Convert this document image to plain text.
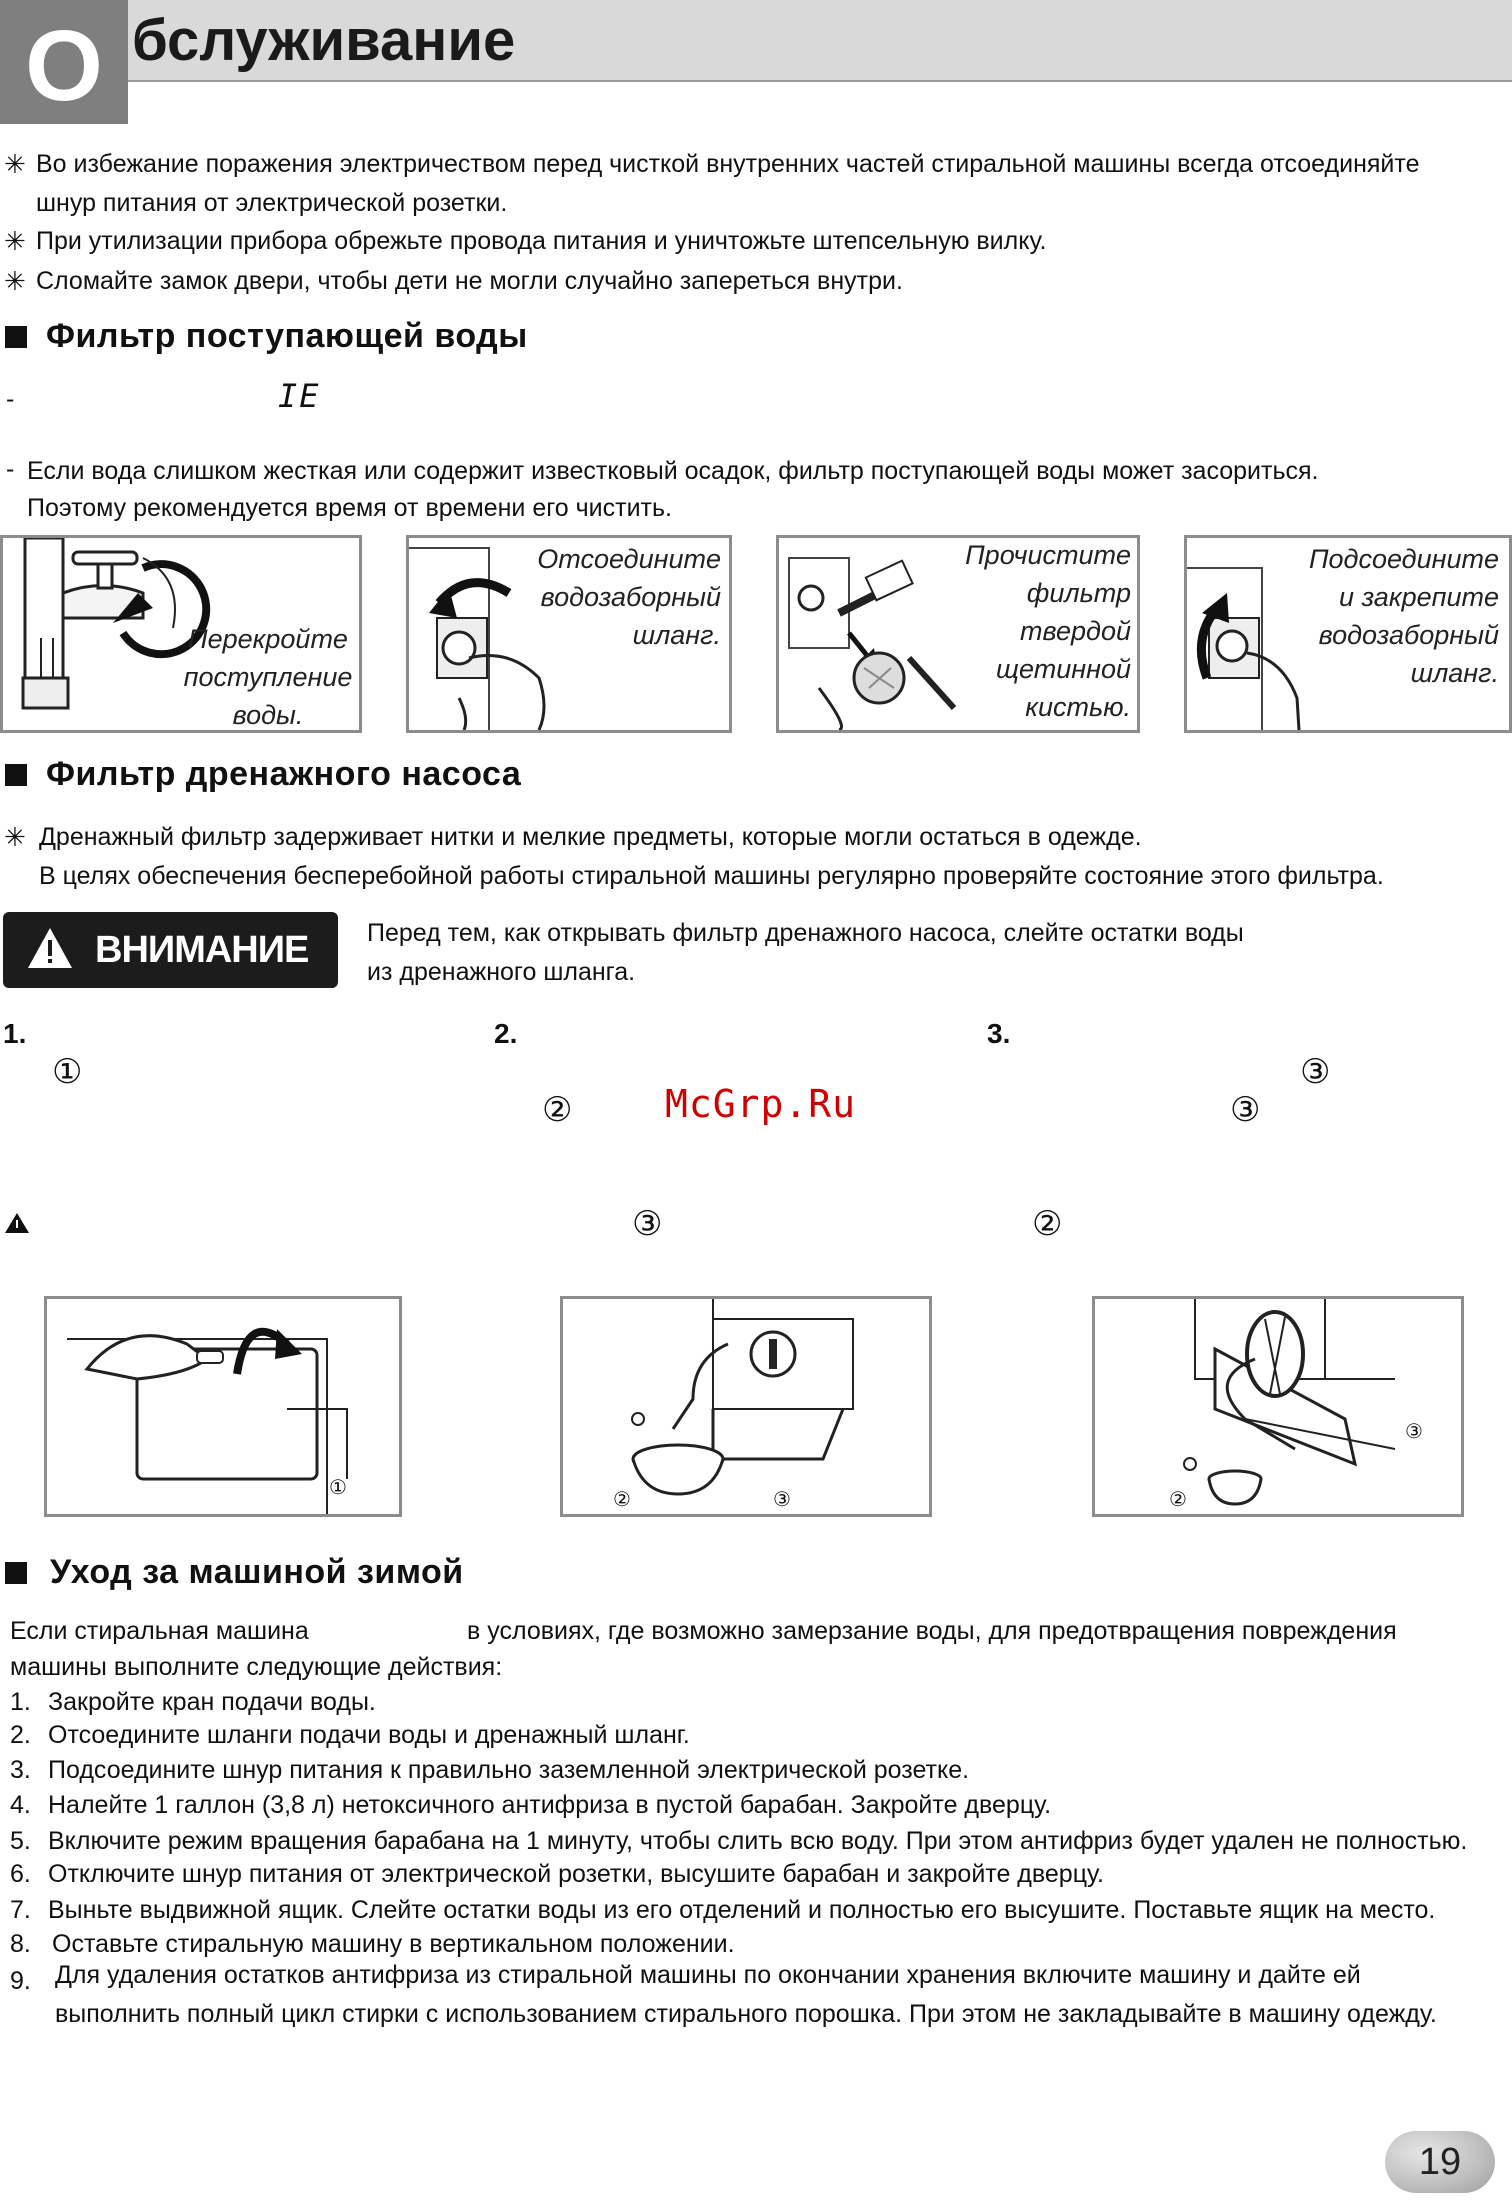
О бслуживание
✳ Во избежание поражения электричеством перед чисткой внутренних частей стиральной машины всегда отсоединяйте
шнур питания от электрической розетки.
✳ При утилизации прибора обрежьте провода питания и уничтожьте штепсельную вилку.
✳ Сломайте замок двери, чтобы дети не могли случайно запереться внутри.
Фильтр поступающей воды
-	IE
- Если вода слишком жесткая или содержит известковый осадок, фильтр поступающей воды может засориться.
Поэтому рекомендуется время от времени его чистить.
Перекройте
поступление
воды.
Отсоедините
водозаборный
шланг.
Прочистите
фильтр
твердой
щетинной
кистью.
Подсоедините
и закрепите
водозаборный
шланг.
Фильтр дренажного насоса
✳ Дренажный фильтр задерживает нитки и мелкие предметы, которые могли остаться в одежде.
В целях обеспечения бесперебойной работы стиральной машины регулярно проверяйте состояние этого фильтра.
ВНИМАНИЕ Перед тем, как открывать фильтр дренажного насоса, слейте остатки воды
из дренажного шланга.
1.	2.	3.
①
②
③
③
McGrp.Ru
③	②
①
②	③
③
②
Уход за машиной зимой
Если стиральная машина	в условиях, где возможно замерзание воды, для предотвращения повреждения
машины выполните следующие действия:
1. Закройте кран подачи воды.
2. Отсоедините шланги подачи воды и дренажный шланг.
3. Подсоедините шнур питания к правильно заземленной электрической розетке.
4. Налейте 1 галлон (3,8 л) нетоксичного антифриза в пустой барабан. Закройте дверцу.
5. Включите режим вращения барабана на 1 минуту, чтобы слить всю воду. При этом антифриз будет удален не полностью.
6. Отключите шнур питания от электрической розетки, высушите барабан и закройте дверцу.
7. Выньте выдвижной ящик. Слейте остатки воды из его отделений и полностью его высушите. Поставьте ящик на место.
8. Оставьте стиральную машину в вертикальном положении.
9. Для удаления остатков антифриза из стиральной машины по окончании хранения включите машину и дайте ей
выполнить полный цикл стирки с использованием стирального порошка. При этом не закладывайте в машину одежду.
19
